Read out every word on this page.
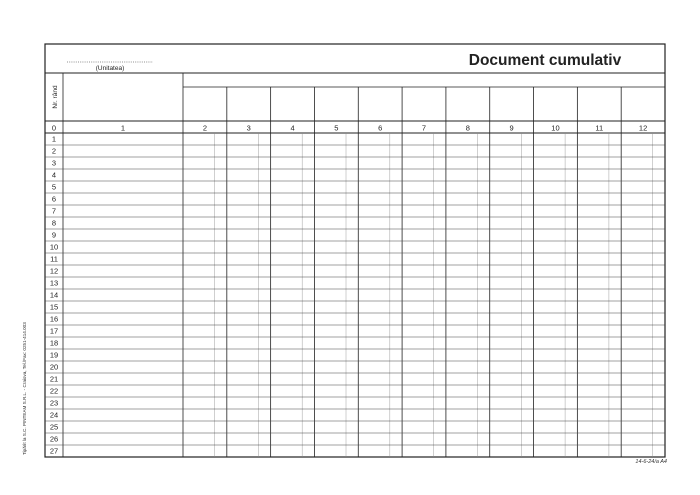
(Unitatea)	Document cumulativ
Nr. rând
0	1	2	3	4	5	6	7	8	9	10	11	12
1
2
3
4
5
6
7
8
9
10
11
12
13
14
15
16
17
18
19
20
21
22
23
24
25
26
27
Tipărit la S.C. PINTEAM S.R.L. - Craiova, Tel./Fax: 0251-414.003
14-6-24/a A4
